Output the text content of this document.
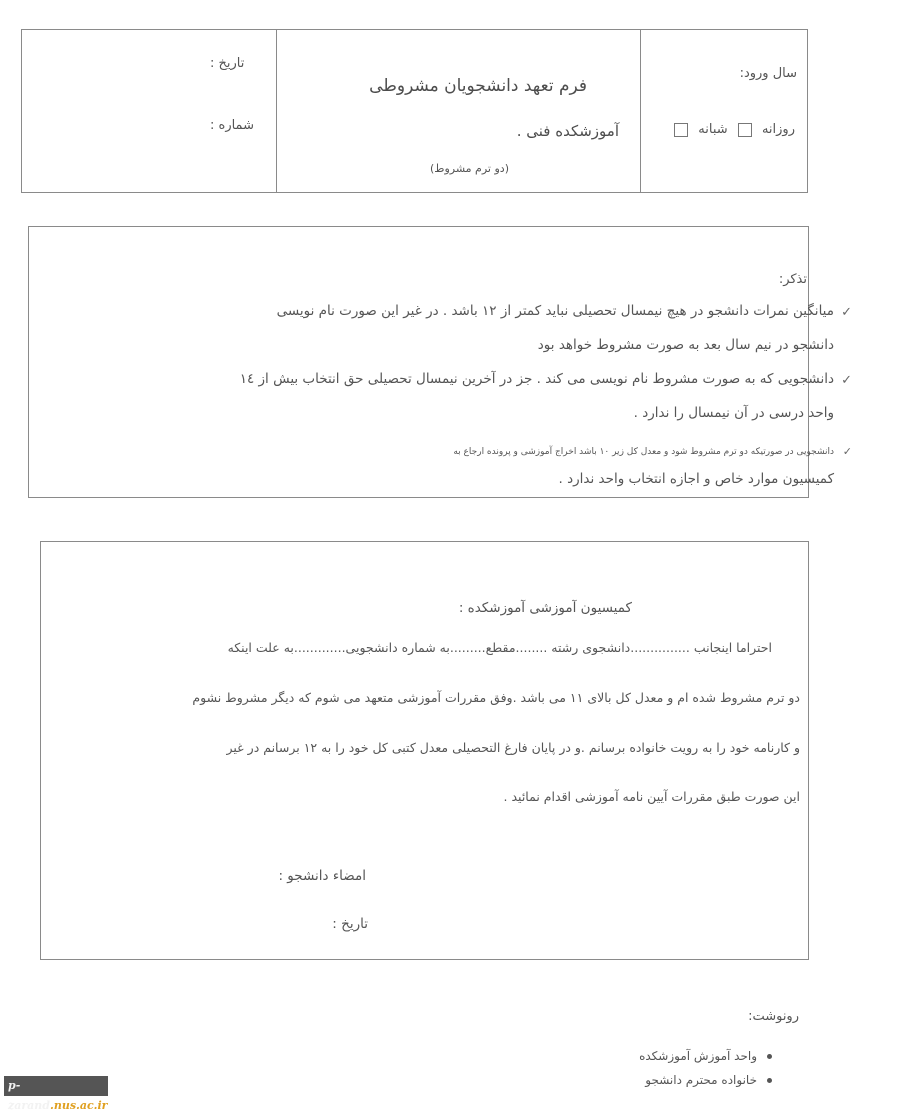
سال ورود:
روزانه  شبانه
فرم تعهد دانشجویان مشروطی
آموزشکده فنی .
(دو ترم مشروط)
تاریخ :
شماره :
تذکر:
✓
میانگین نمرات دانشجو در هیچ نیمسال تحصیلی نباید کمتر از ۱۲ باشد . در غیر این صورت نام نویسی
دانشجو در نیم سال بعد به صورت مشروط خواهد بود
✓
دانشجویی که به صورت مشروط نام نویسی می کند . جز در آخرین نیمسال تحصیلی حق انتخاب بیش از ۱٤
واحد درسی در آن نیمسال را ندارد .
✓
دانشجویی در صورتیکه دو ترم مشروط شود و معدل کل زیر ۱۰ باشد اخراج آموزشی و پرونده ارجاع به
کمیسیون موارد خاص و اجازه انتخاب واحد ندارد .
کمیسیون آموزشی آموزشکده :
احتراما اینجانب ...............دانشجوی رشته ........مقطع.........به شماره دانشجویی.............به علت اینکه
دو ترم مشروط شده ام و معدل کل بالای ۱۱ می باشد .وفق مقررات آموزشی متعهد می شوم که دیگر مشروط نشوم
و کارنامه خود را به رویت خانواده برسانم .و در پایان فارغ التحصیلی معدل کتبی کل خود را به ۱۲ برسانم در غیر
این صورت طبق مقررات آیین نامه آموزشی اقدام نمائید .
امضاء دانشجو :
تاریخ :
رونوشت:
واحد آموزش آموزشکده
خانواده محترم دانشجو
p-zarand.nus.ac.ir
